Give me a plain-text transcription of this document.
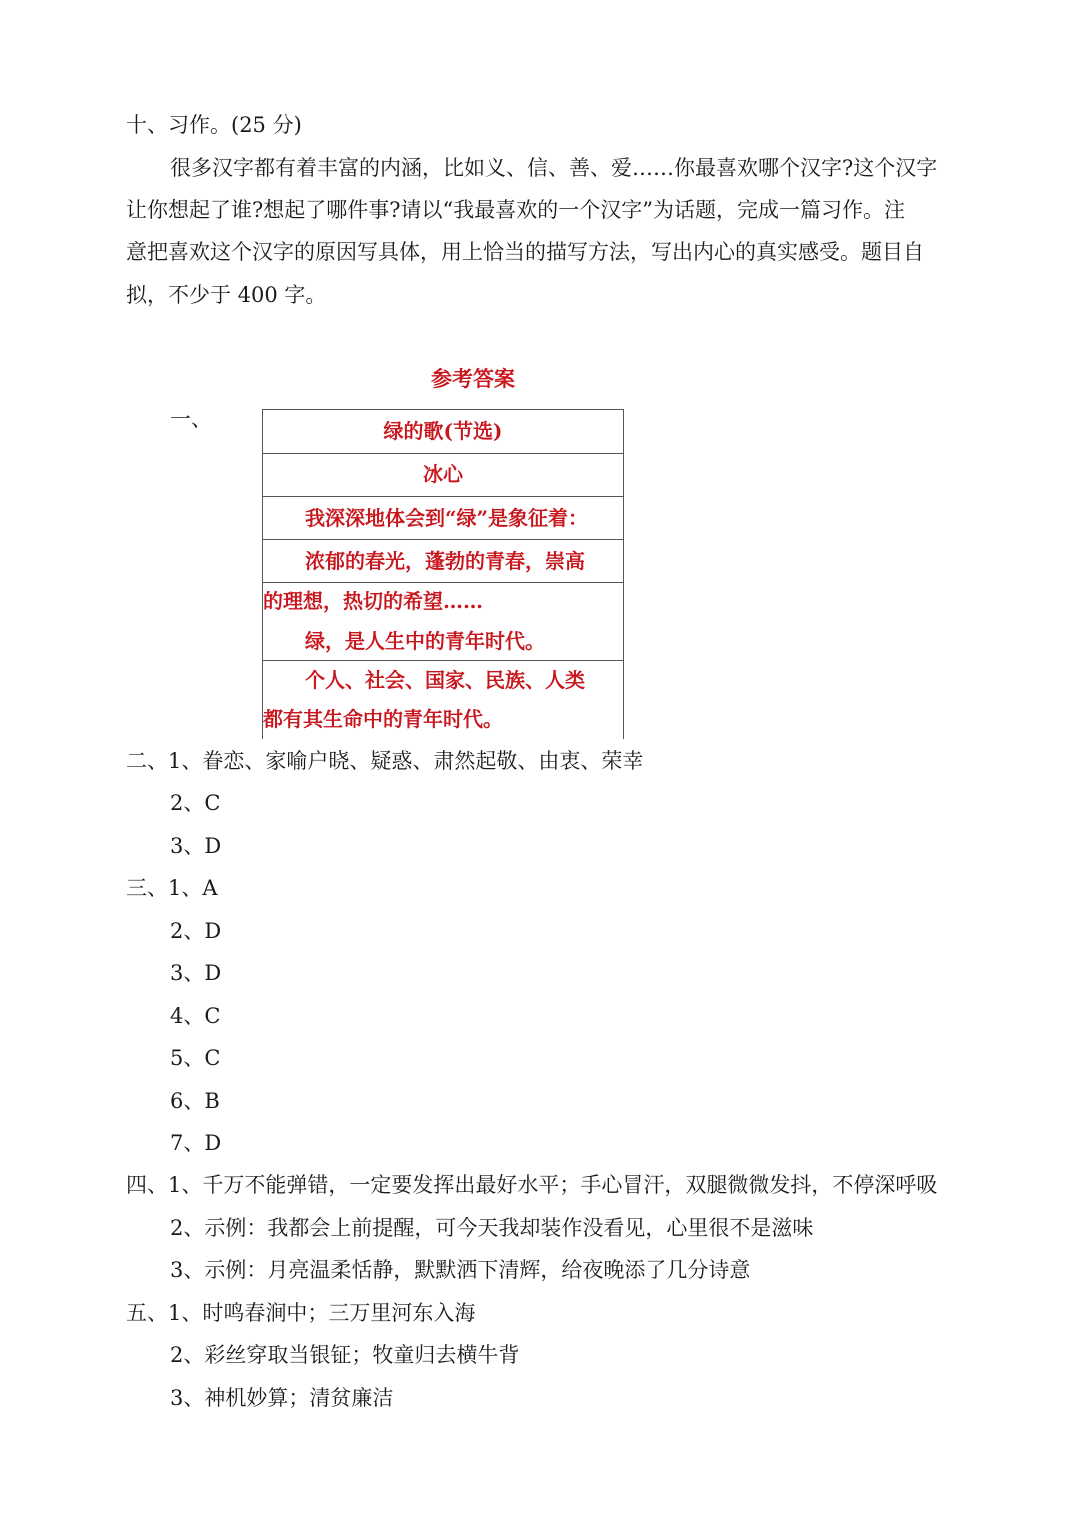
十、习作。(25 分)
很多汉字都有着丰富的内涵，比如义、信、善、爱……你最喜欢哪个汉字?这个汉字
让你想起了谁?想起了哪件事?请以“我最喜欢的一个汉字”为话题，完成一篇习作。注
意把喜欢这个汉字的原因写具体，用上恰当的描写方法，写出内心的真实感受。题目自
拟，不少于 400 字。
参考答案
一、	绿的歌(节选)
冰心
我深深地体会到“绿”是象征着：
浓郁的春光，蓬勃的青春，崇高
的理想，热切的希望……
绿，是人生中的青年时代。
个人、社会、国家、民族、人类
都有其生命中的青年时代。
二、1、眷恋、家喻户晓、疑惑、肃然起敬、由衷、荣幸
2、C
3、D
三、1、A
2、D
3、D
4、C
5、C
6、B
7、D
四、1、千万不能弹错，一定要发挥出最好水平；手心冒汗，双腿微微发抖，不停深呼吸
2、示例：我都会上前提醒，可今天我却装作没看见，心里很不是滋味
3、示例：月亮温柔恬静，默默洒下清辉，给夜晚添了几分诗意
五、1、时鸣春涧中；三万里河东入海
2、彩丝穿取当银钲；牧童归去横牛背
3、神机妙算；清贫廉洁
